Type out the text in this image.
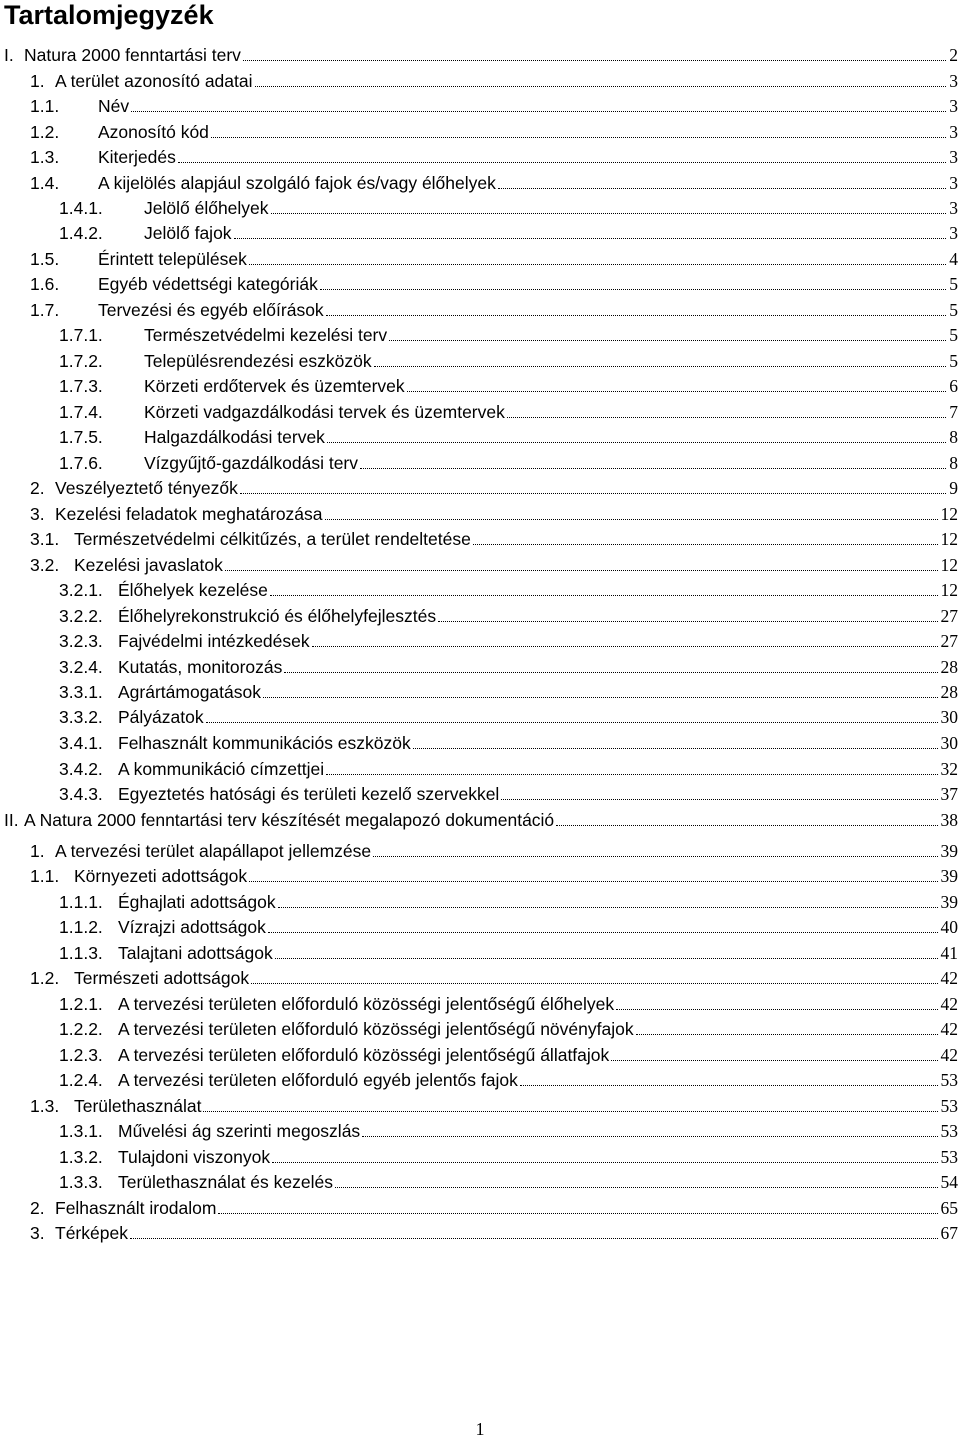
Tartalomjegyzék
I. Natura 2000 fenntartási terv	2
1. A terület azonosító adatai	3
1.1. Név	3
1.2. Azonosító kód	3
1.3. Kiterjedés	3
1.4. A kijelölés alapjául szolgáló fajok és/vagy élőhelyek	3
1.4.1. Jelölő élőhelyek	3
1.4.2. Jelölő fajok	3
1.5. Érintett települések	4
1.6. Egyéb védettségi kategóriák	5
1.7. Tervezési és egyéb előírások	5
1.7.1. Természetvédelmi kezelési terv	5
1.7.2. Településrendezési eszközök	5
1.7.3. Körzeti erdőtervek és üzemtervek	6
1.7.4. Körzeti vadgazdálkodási tervek és üzemtervek	7
1.7.5. Halgazdálkodási tervek	8
1.7.6. Vízgyűjtő-gazdálkodási terv	8
2. Veszélyeztető tényezők	9
3. Kezelési feladatok meghatározása	12
3.1. Természetvédelmi célkitűzés, a terület rendeltetése	12
3.2. Kezelési javaslatok	12
3.2.1. Élőhelyek kezelése	12
3.2.2. Élőhelyrekonstrukció és élőhelyfejlesztés	27
3.2.3. Fajvédelmi intézkedések	27
3.2.4. Kutatás, monitorozás	28
3.3.1. Agrártámogatások	28
3.3.2. Pályázatok	30
3.4.1. Felhasznált kommunikációs eszközök	30
3.4.2. A kommunikáció címzettjei	32
3.4.3. Egyeztetés hatósági és területi kezelő szervekkel	37
II. A Natura 2000 fenntartási terv készítését megalapozó dokumentáció	38
1. A tervezési terület alapállapot jellemzése	39
1.1. Környezeti adottságok	39
1.1.1. Éghajlati adottságok	39
1.1.2. Vízrajzi adottságok	40
1.1.3. Talajtani adottságok	41
1.2. Természeti adottságok	42
1.2.1. A tervezési területen előforduló közösségi jelentőségű élőhelyek	42
1.2.2. A tervezési területen előforduló közösségi jelentőségű növényfajok	42
1.2.3. A tervezési területen előforduló közösségi jelentőségű állatfajok	42
1.2.4. A tervezési területen előforduló egyéb jelentős fajok	53
1.3. Területhasználat	53
1.3.1. Művelési ág szerinti megoszlás	53
1.3.2. Tulajdoni viszonyok	53
1.3.3. Területhasználat és kezelés	54
2. Felhasznált irodalom	65
3. Térképek	67
1
